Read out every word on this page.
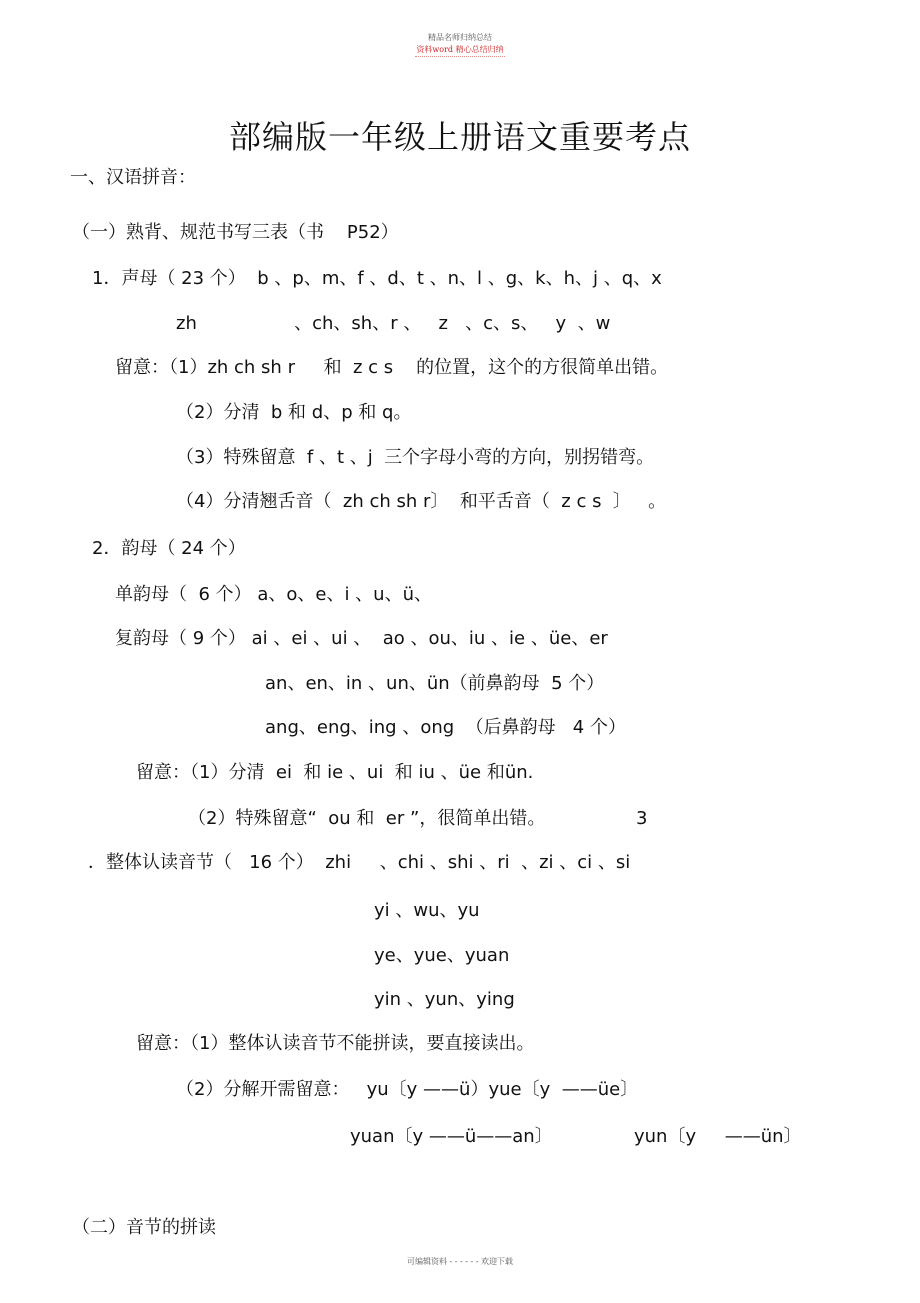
精品名师归纳总结
资料word 精心总结归纳
部编版一年级上册语文重要考点
一、汉语拼音：
（一）熟背、规范书写三表（书    P52）
1．声母（ 23 个）  b 、p、m、f 、d、t 、n、l 、g、k、h、j 、q、x
zh                 、ch、sh、r 、   z   、c、s、   y  、w
留意：（1）zh ch sh r     和  z c s    的位置，这个的方很简单出错。
（2）分清  b 和 d、p 和 q。
（3）特殊留意  f 、t 、j  三个字母小弯的方向，别拐错弯。
（4）分清翘舌音（  zh ch sh r〕  和平舌音（  z c s  〕   。
2．韵母（ 24 个）
单韵母（  6 个） a、o、e、i 、u、ü、
复韵母（ 9 个） ai 、ei 、ui 、  ao 、ou、iu 、ie 、üe、er
an、en、in 、un、ün（前鼻韵母  5 个）
ang、eng、ing 、ong  （后鼻韵母   4 个）
留意：（1）分清  ei  和 ie 、ui  和 iu 、üe 和ün.
（2）特殊留意“  ou 和  er ”，很简单出错。	3
．整体认读音节（   16 个）  zhi     、chi 、shi 、ri  、zi 、ci 、si
yi 、wu、yu
ye、yue、yuan
yin 、yun、ying
留意：（1）整体认读音节不能拼读，要直接读出。
（2）分解开需留意：   yu〔y ——ü）yue〔y  ——üe〕
yuan〔y ——ü——an〕	yun〔y     ——ün〕
（二）音节的拼读
可编辑资料 - - - - - - 欢迎下载
